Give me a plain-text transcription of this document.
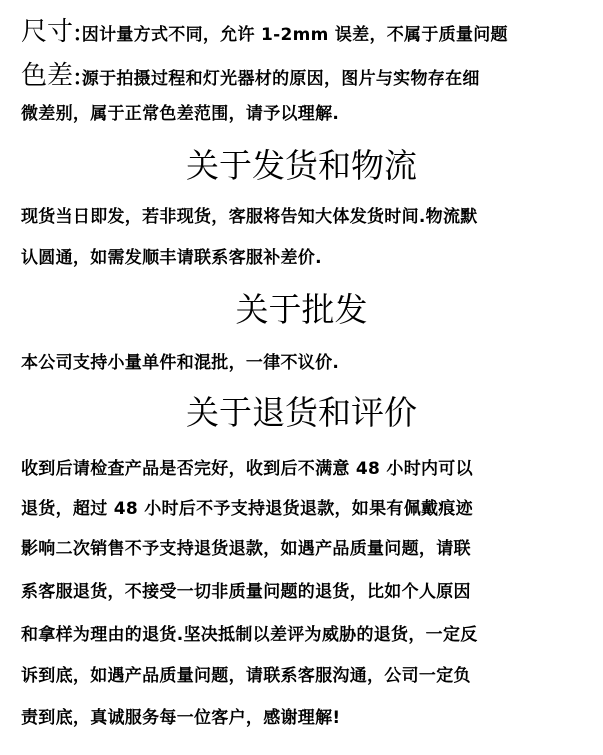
尺寸:因计量方式不同，允许 1-2mm 误差，不属于质量问题
色差:源于拍摄过程和灯光器材的原因，图片与实物存在细
微差别，属于正常色差范围，请予以理解.
关于发货和物流
现货当日即发，若非现货，客服将告知大体发货时间.物流默
认圆通，如需发顺丰请联系客服补差价.
关于批发
本公司支持小量单件和混批，一律不议价.
关于退货和评价
收到后请检查产品是否完好，收到后不满意 48 小时内可以
退货，超过 48 小时后不予支持退货退款，如果有佩戴痕迹
影响二次销售不予支持退货退款，如遇产品质量问题，请联
系客服退货，不接受一切非质量问题的退货，比如个人原因
和拿样为理由的退货.坚决抵制以差评为威胁的退货，一定反
诉到底，如遇产品质量问题，请联系客服沟通，公司一定负
责到底，真诚服务每一位客户，感谢理解!
